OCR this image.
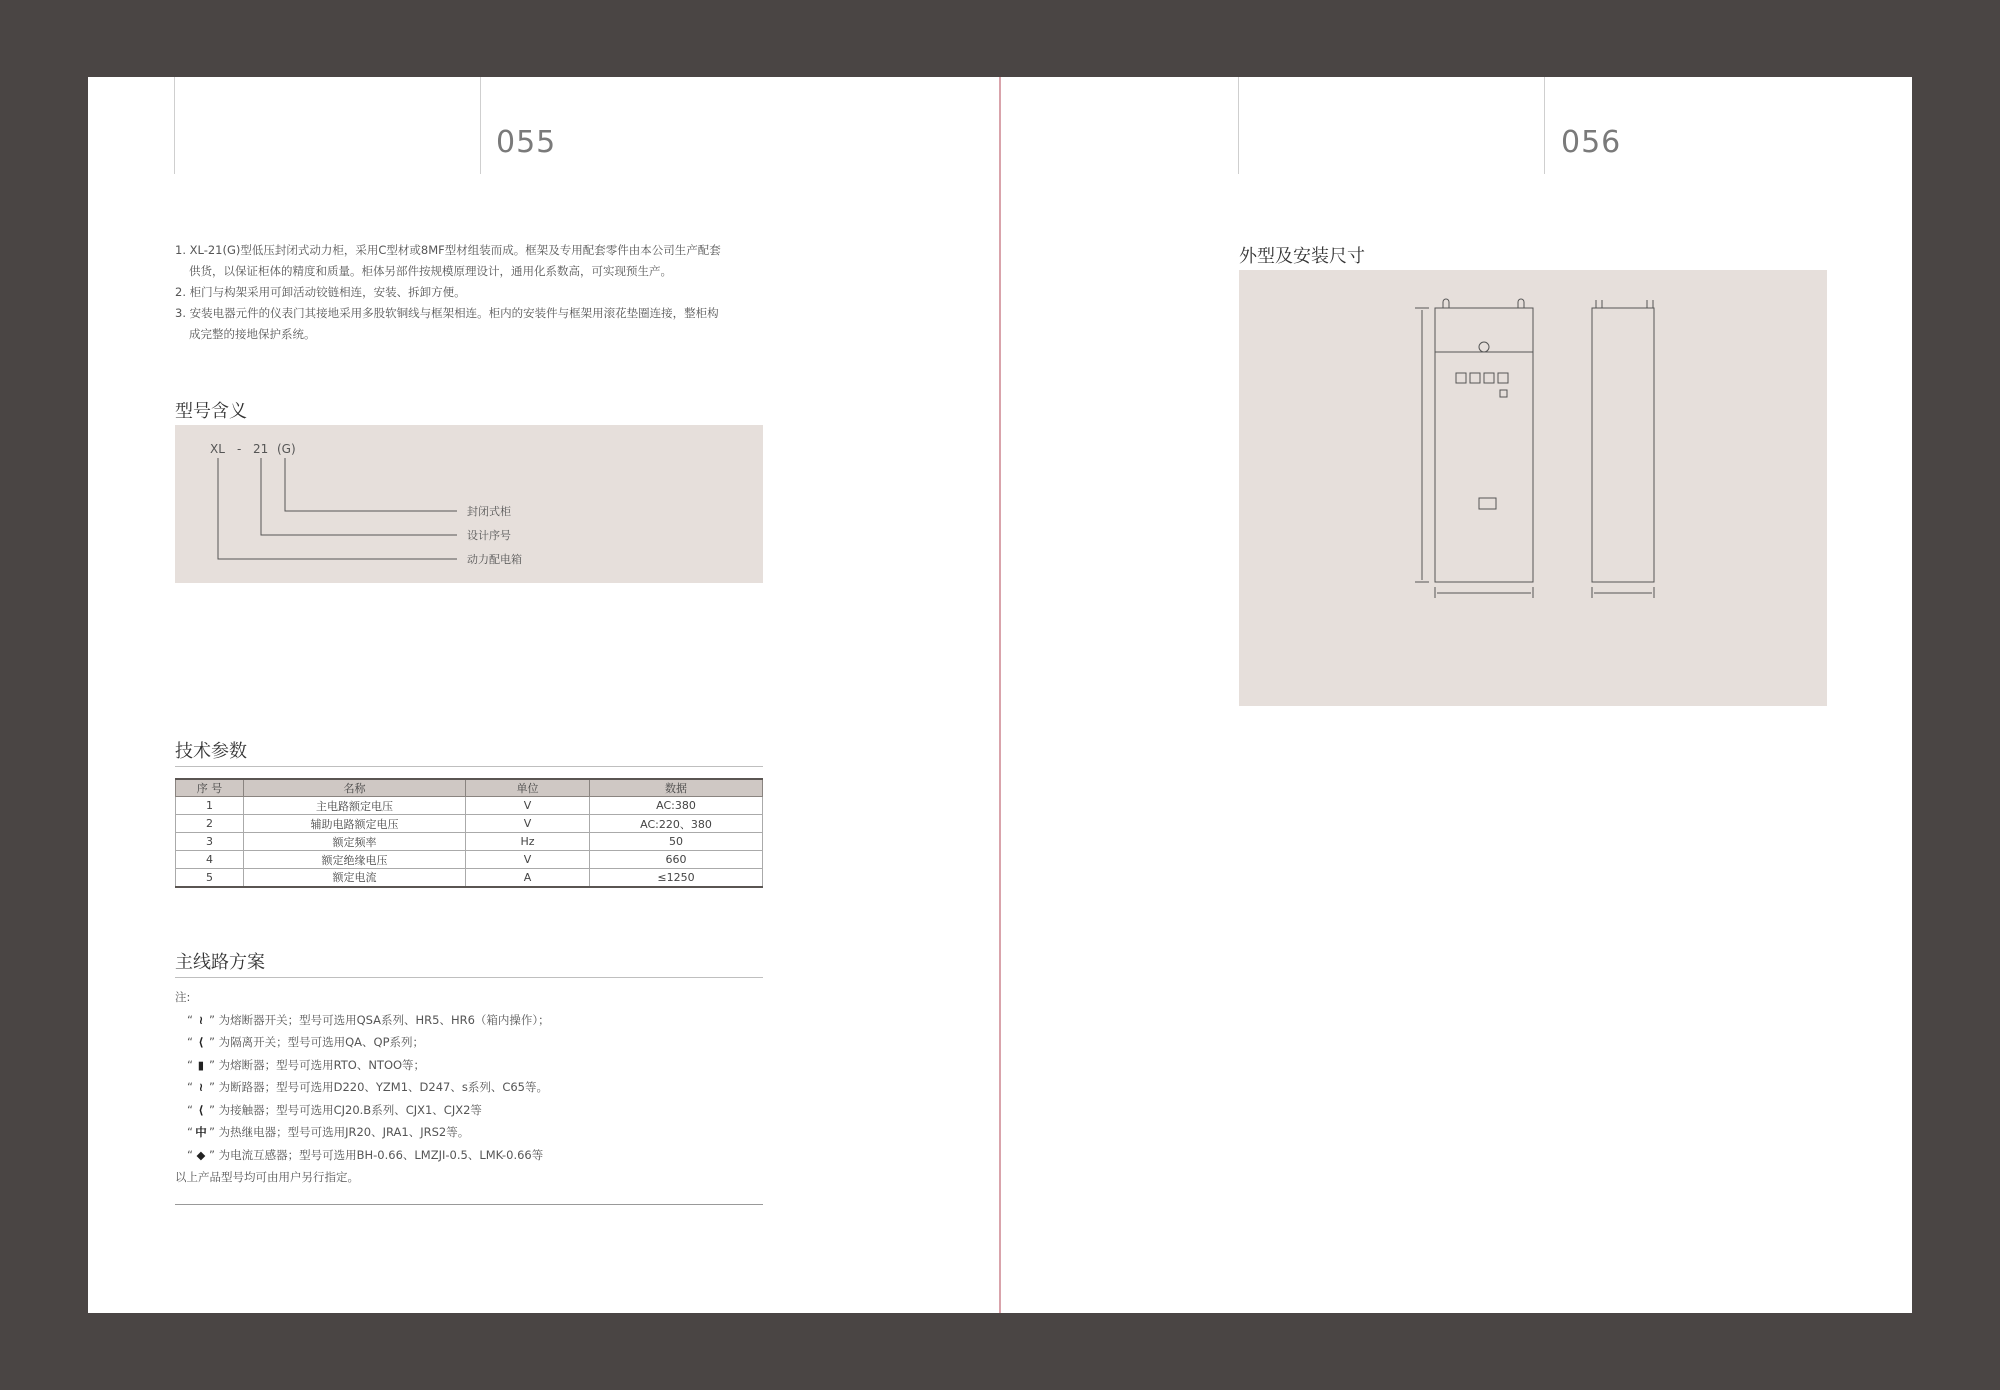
055

1. XL-21(G)型低压封闭式动力柜，采用C型材或8MF型材组装而成。框架及专用配套零件由本公司生产配套

供货，以保证柜体的精度和质量。柜体另部件按规模原理设计，通用化系数高，可实现预生产。

2. 柜门与构架采用可卸活动铰链相连，安装、拆卸方便。

3. 安装电器元件的仪表门其接地采用多股软铜线与框架相连。柜内的安装件与框架用滚花垫圈连接，整柜构

成完整的接地保护系统。

型号含义
XL - 21 (G)
封闭式柜
设计序号
动力配电箱
技术参数
序 号	名称	单位	数据
1	主电路额定电压	V	AC:380
2	辅助电路额定电压	V	AC:220、380
3	额定频率	Hz	50
4	额定绝缘电压	V	660
5	额定电流	A	≤1250
主线路方案

注:

“ ≀ ” 为熔断器开关；型号可选用QSA系列、HR5、HR6（箱内操作）；

“ ⟨ ” 为隔离开关；型号可选用QA、QP系列；

“ ▮ ” 为熔断器；型号可选用RTO、NTOO等；

“ ≀ ” 为断路器；型号可选用D220、YZM1、D247、s系列、C65等。

“ ⟨ ” 为接触器；型号可选用CJ20.B系列、CJX1、CJX2等

“ 中 ” 为热继电器；型号可选用JR20、JRA1、JRS2等。

“ ◆ ” 为电流互感器；型号可选用BH-0.66、LMZJI-0.5、LMK-0.66等

以上产品型号均可由用户另行指定。

056
外型及安装尺寸
